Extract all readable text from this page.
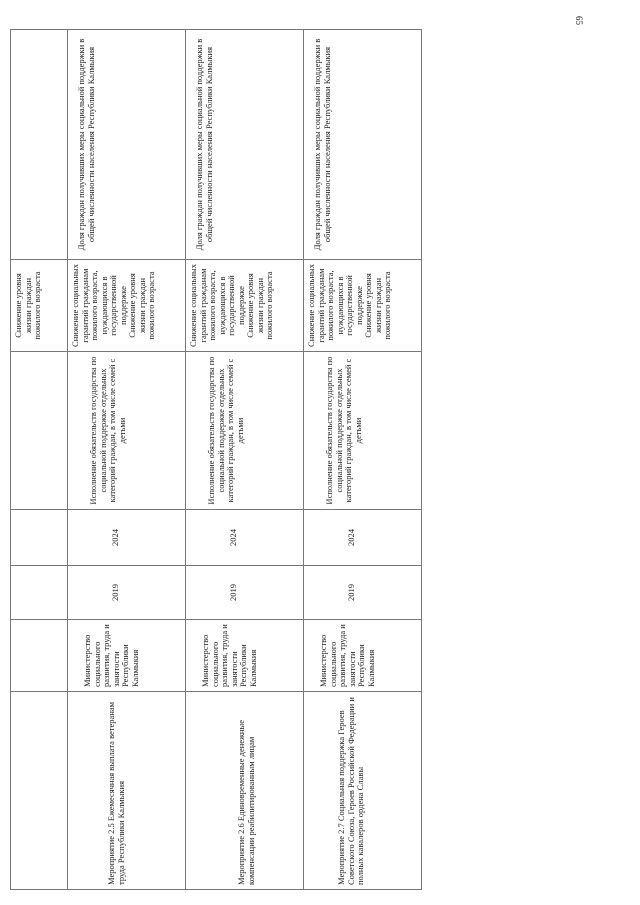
65
					Снижение уровня жизни граждан пожилого возраста	

Мероприятие 2.5 Ежемесячная выплата ветеранам труда Республики Калмыкия	Министерство социального развития, труда и занятости Республики Калмыкия	2019	2024	Исполнение обязательств государства по социальной поддержке отдельных категорий граждан, в том числе семей с детьми	Снижение социальных гарантий гражданам пожилого возраста, нуждающихся в государственной поддержке Снижение уровня жизни граждан пожилого возраста	Доля граждан получивших меры социальной поддержки в общей численности населения Республики Калмыкия

Мероприятие 2.6 Единовременные денежные компенсации реабилитированным лицам	Министерство социального развития, труда и занятости Республики Калмыкия	2019	2024	Исполнение обязательств государства по социальной поддержке отдельных категорий граждан, в том числе семей с детьми	Снижение социальных гарантий гражданам пожилого возраста, нуждающихся в государственной поддержке Снижение уровня жизни граждан пожилого возраста	Доля граждан получивших меры социальной поддержки в общей численности населения Республики Калмыкия

Мероприятие 2.7 Социальная поддержка Героев Советского Союза, Героев Российской Федерации и полных кавалеров ордена Славы	Министерство социального развития, труда и занятости Республики Калмыкия	2019	2024	Исполнение обязательств государства по социальной поддержке отдельных категорий граждан, в том числе семей с детьми	Снижение социальных гарантий гражданам пожилого возраста, нуждающихся в государственной поддержке Снижение уровня жизни граждан пожилого возраста	Доля граждан получивших меры социальной поддержки в общей численности населения Республики Калмыкия
